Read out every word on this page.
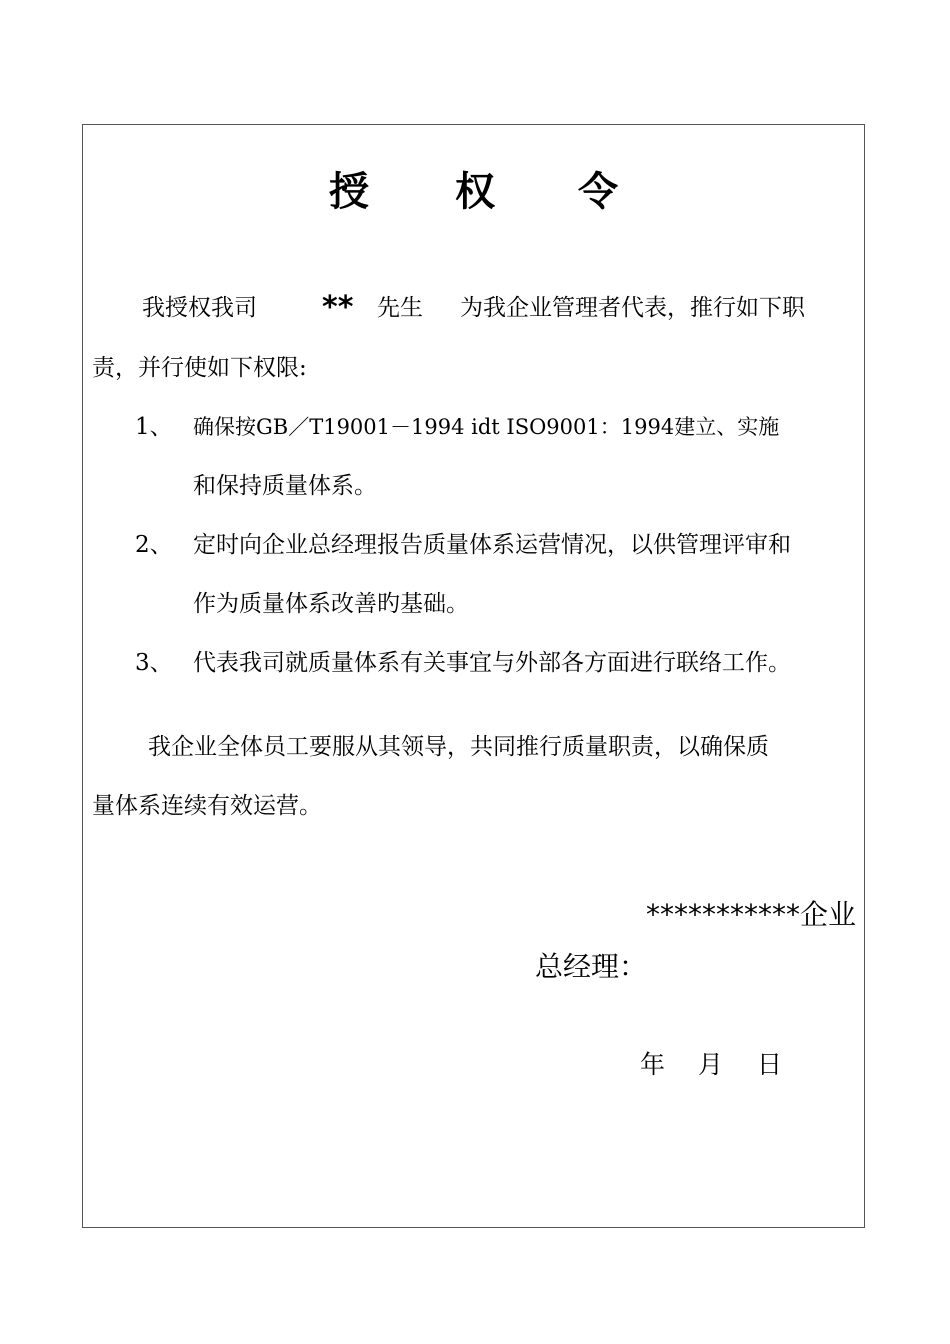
授 权 令
我授权我司 ** 先生 为我企业管理者代表，推行如下职
责，并行使如下权限:
1、 确保按GB／T19001－1994 idt ISO9001：1994建立、实施
和保持质量体系。
2、 定时向企业总经理报告质量体系运营情况，以供管理评审和
作为质量体系改善旳基础。
3、 代表我司就质量体系有关事宜与外部各方面进行联络工作。
我企业全体员工要服从其领导，共同推行质量职责，以确保质
量体系连续有效运营。
***********企业
总经理：
年 月 日
